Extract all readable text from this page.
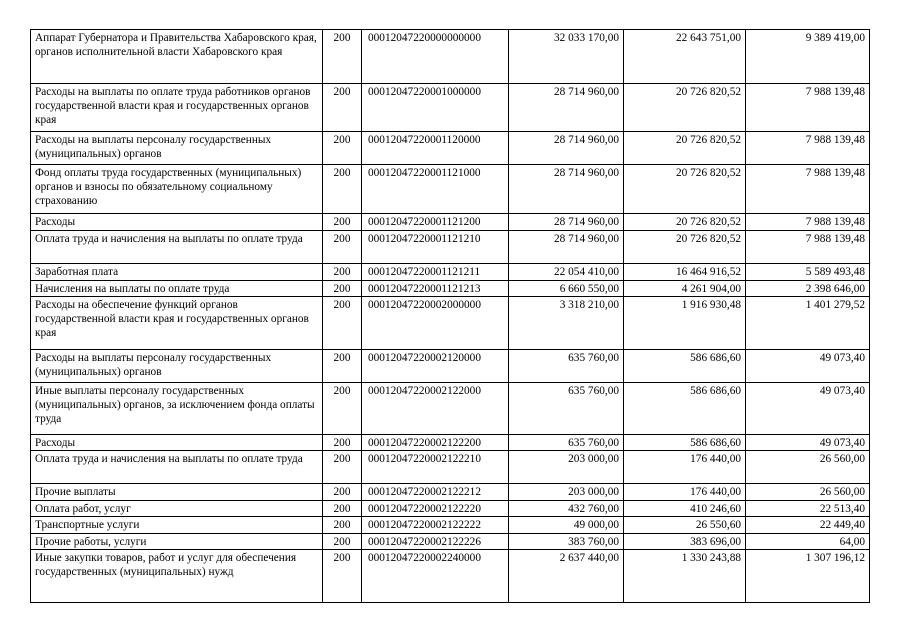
Аппарат Губернатора и Правительства Хабаровского края, органов исполнительной власти Хабаровского края	200	00012047220000000000	32 033 170,00	22 643 751,00	9 389 419,00
Расходы на выплаты по оплате труда работников органов государственной власти края и государственных органов края	200	00012047220001000000	28 714 960,00	20 726 820,52	7 988 139,48
Расходы на выплаты персоналу государственных (муниципальных) органов	200	00012047220001120000	28 714 960,00	20 726 820,52	7 988 139,48
Фонд оплаты труда государственных (муниципальных) органов и взносы по обязательному социальному страхованию	200	00012047220001121000	28 714 960,00	20 726 820,52	7 988 139,48
Расходы	200	00012047220001121200	28 714 960,00	20 726 820,52	7 988 139,48
Оплата труда и начисления на выплаты по оплате труда	200	00012047220001121210	28 714 960,00	20 726 820,52	7 988 139,48
Заработная плата	200	00012047220001121211	22 054 410,00	16 464 916,52	5 589 493,48
Начисления на выплаты по оплате труда	200	00012047220001121213	6 660 550,00	4 261 904,00	2 398 646,00
Расходы на обеспечение функций органов государственной власти края и государственных органов края	200	00012047220002000000	3 318 210,00	1 916 930,48	1 401 279,52
Расходы на выплаты персоналу государственных (муниципальных) органов	200	00012047220002120000	635 760,00	586 686,60	49 073,40
Иные выплаты персоналу государственных (муниципальных) органов, за исключением фонда оплаты труда	200	00012047220002122000	635 760,00	586 686,60	49 073,40
Расходы	200	00012047220002122200	635 760,00	586 686,60	49 073,40
Оплата труда и начисления на выплаты по оплате труда	200	00012047220002122210	203 000,00	176 440,00	26 560,00
Прочие выплаты	200	00012047220002122212	203 000,00	176 440,00	26 560,00
Оплата работ, услуг	200	00012047220002122220	432 760,00	410 246,60	22 513,40
Транспортные услуги	200	00012047220002122222	49 000,00	26 550,60	22 449,40
Прочие работы, услуги	200	00012047220002122226	383 760,00	383 696,00	64,00
Иные закупки товаров, работ и услуг для обеспечения государственных (муниципальных) нужд	200	00012047220002240000	2 637 440,00	1 330 243,88	1 307 196,12
